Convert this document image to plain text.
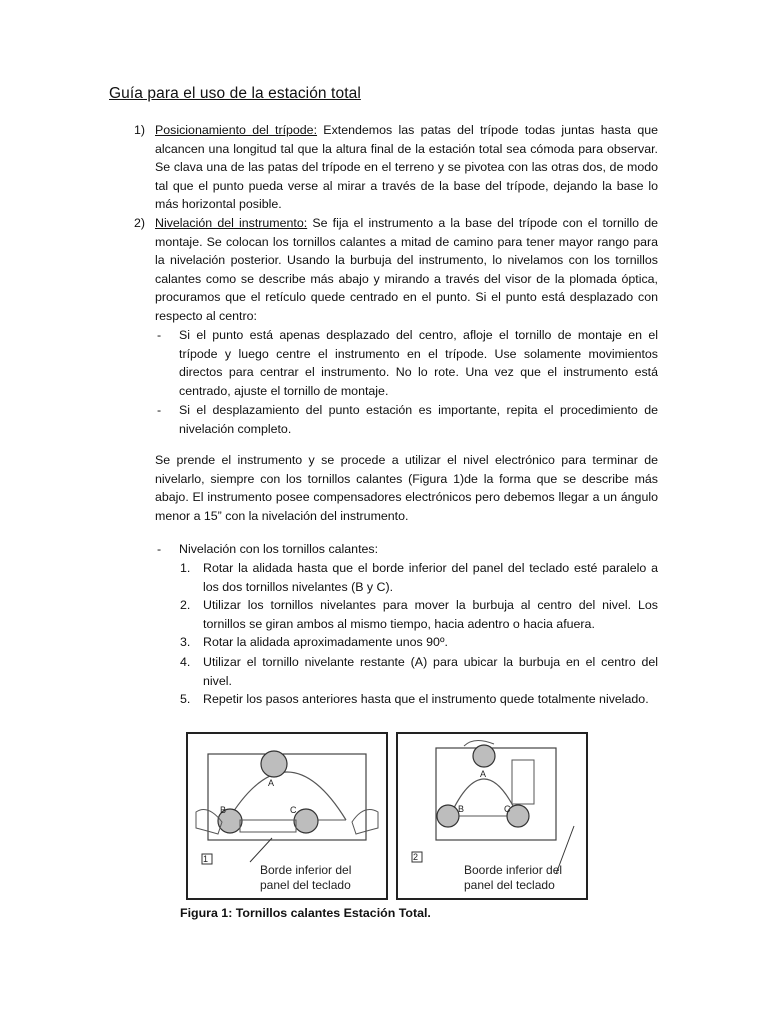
Guía para el uso de la estación total
1) Posicionamiento del trípode: Extendemos las patas del trípode todas juntas hasta que alcancen una longitud tal que la altura final de la estación total sea cómoda para observar. Se clava una de las patas del trípode en el terreno y se pivotea con las otras dos, de modo tal que el punto pueda verse al mirar a través de la base del trípode, dejando la base lo más horizontal posible.
2) Nivelación del instrumento: Se fija el instrumento a la base del trípode con el tornillo de montaje. Se colocan los tornillos calantes a mitad de camino para tener mayor rango para la nivelación posterior. Usando la burbuja del instrumento, lo nivelamos con los tornillos calantes como se describe más abajo y mirando a través del visor de la plomada óptica, procuramos que el retículo quede centrado en el punto. Si el punto está desplazado con respecto al centro:
- Si el punto está apenas desplazado del centro, afloje el tornillo de montaje en el trípode y luego centre el instrumento en el trípode. Use solamente movimientos directos para centrar el instrumento. No lo rote. Una vez que el instrumento está centrado, ajuste el tornillo de montaje.
- Si el desplazamiento del punto estación es importante, repita el procedimiento de nivelación completo.
Se prende el instrumento y se procede a utilizar el nivel electrónico para terminar de nivelarlo, siempre con los tornillos calantes (Figura 1)de la forma que se describe más abajo. El instrumento posee compensadores electrónicos pero debemos llegar a un ángulo menor a 15” con la nivelación del instrumento.
- Nivelación con los tornillos calantes:
1. Rotar la alidada hasta que el borde inferior del panel del teclado esté paralelo a los dos tornillos nivelantes (B y C).
2. Utilizar los tornillos nivelantes para mover la burbuja al centro del nivel. Los tornillos se giran ambos al mismo tiempo, hacia adentro o hacia afuera.
3. Rotar la alidada aproximadamente unos 90º.
4. Utilizar el tornillo nivelante restante (A) para ubicar la burbuja en el centro del nivel.
5. Repetir los pasos anteriores hasta que el instrumento quede totalmente nivelado.
A
B	C
1
Borde inferior del
panel del teclado
A
B	C
2
Boorde inferior del
panel del teclado
Figura 1: Tornillos calantes Estación Total.
